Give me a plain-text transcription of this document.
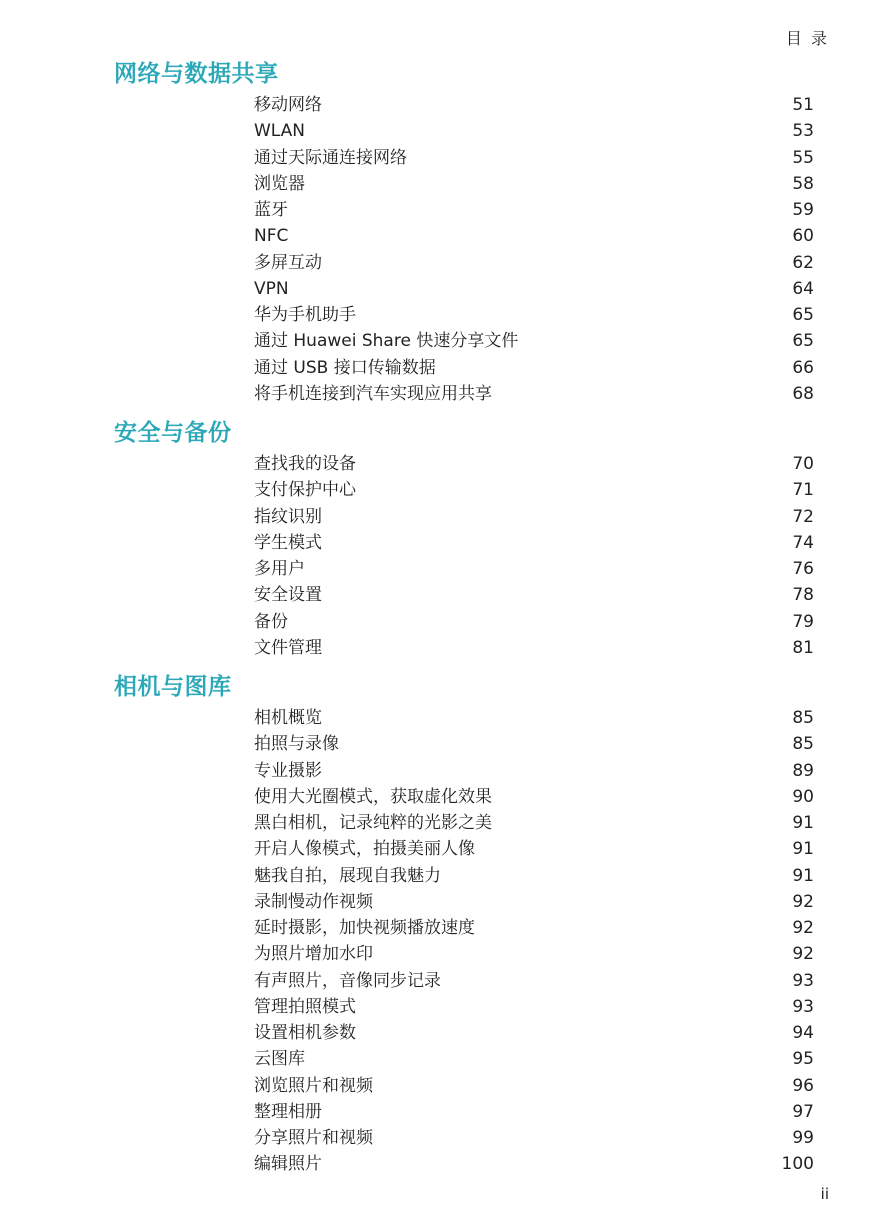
目 录
网络与数据共享
移动网络	51
WLAN	53
通过天际通连接网络	55
浏览器	58
蓝牙	59
NFC	60
多屏互动	62
VPN	64
华为手机助手	65
通过 Huawei Share 快速分享文件	65
通过 USB 接口传输数据	66
将手机连接到汽车实现应用共享	68
安全与备份
查找我的设备	70
支付保护中心	71
指纹识别	72
学生模式	74
多用户	76
安全设置	78
备份	79
文件管理	81
相机与图库
相机概览	85
拍照与录像	85
专业摄影	89
使用大光圈模式，获取虚化效果	90
黑白相机，记录纯粹的光影之美	91
开启人像模式，拍摄美丽人像	91
魅我自拍，展现自我魅力	91
录制慢动作视频	92
延时摄影，加快视频播放速度	92
为照片增加水印	92
有声照片，音像同步记录	93
管理拍照模式	93
设置相机参数	94
云图库	95
浏览照片和视频	96
整理相册	97
分享照片和视频	99
编辑照片	100
ii
